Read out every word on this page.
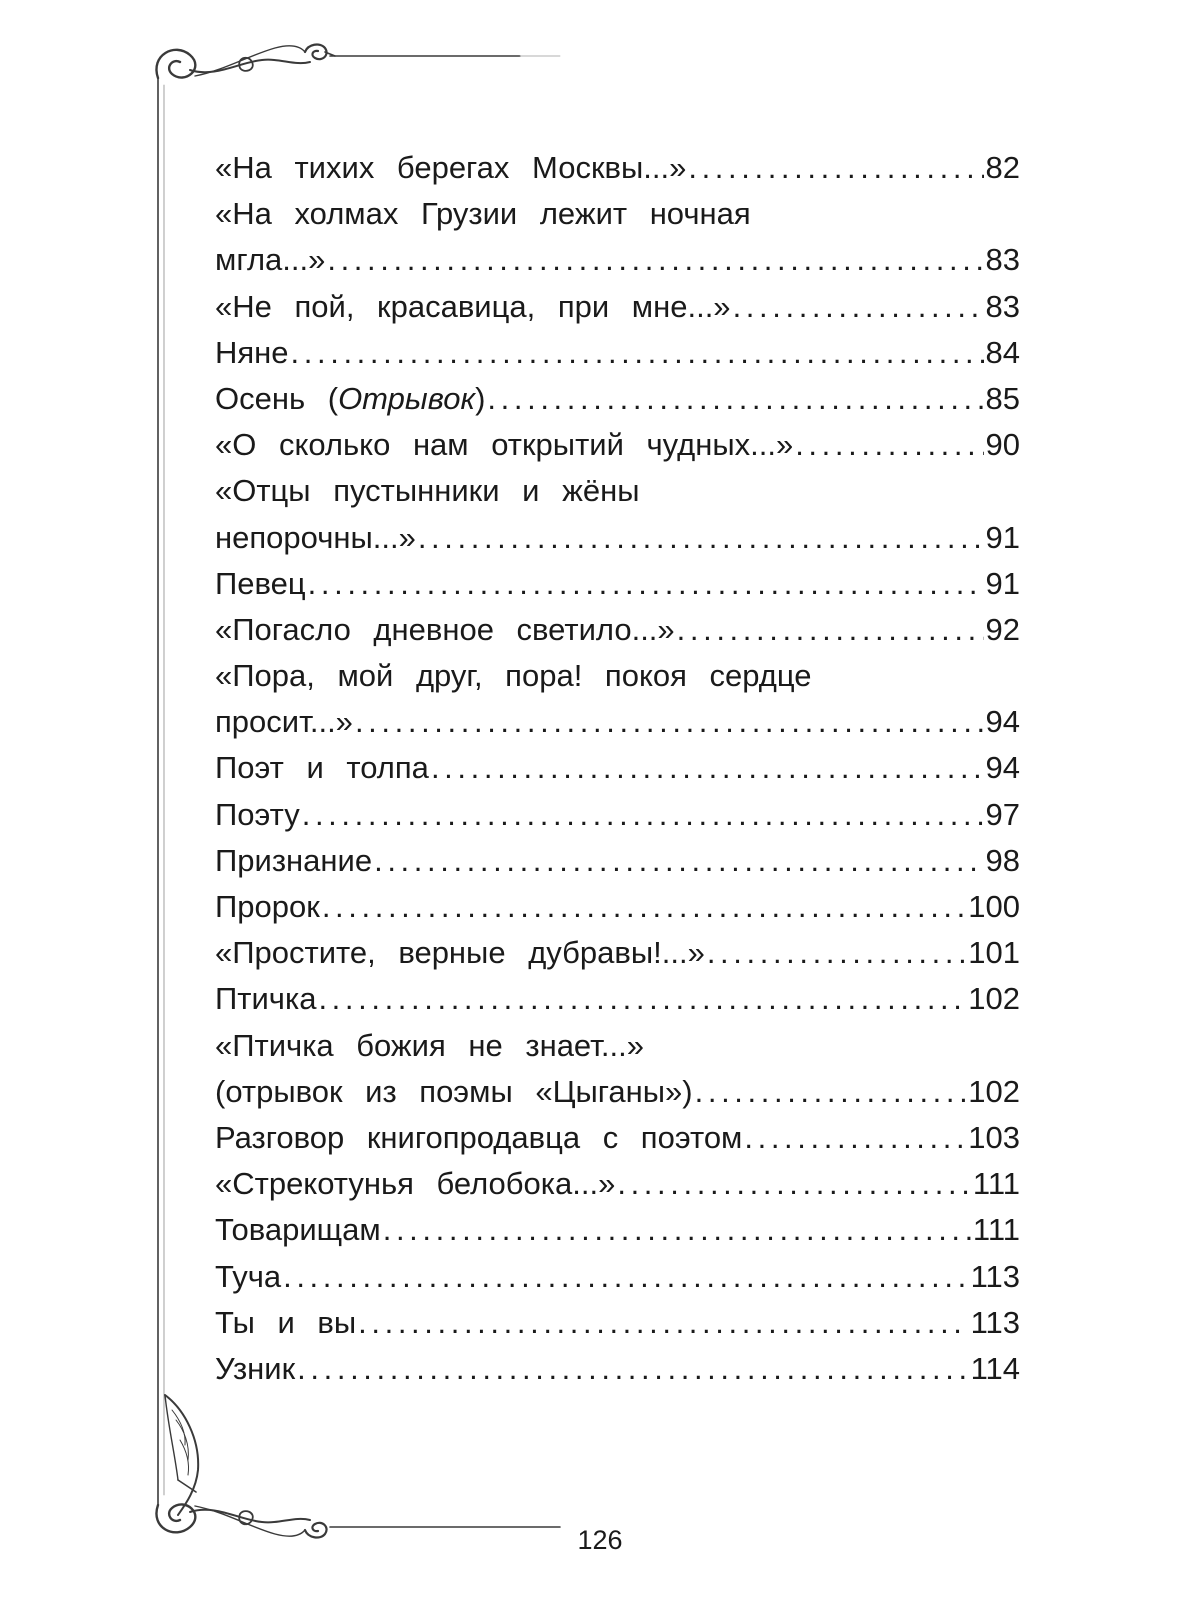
«На тихих берегах Москвы...» . . .	82
«На холмах Грузии лежит ночная
мгла...» . . .	83
«Не пой, красавица, при мне...» . . .	83
Няне . . .	84
Осень (Отрывок) . . .	85
«О сколько нам открытий чудных...» . . .	90
«Отцы пустынники и жёны
непорочны...» . . .	91
Певец . . .	91
«Погасло дневное светило...» . . .	92
«Пора, мой друг, пора! покоя сердце
просит...» . . .	94
Поэт и толпа . . .	94
Поэту . . .	97
Признание . . .	98
Пророк . . .	100
«Простите, верные дубравы!...» . . .	101
Птичка . . .	102
«Птичка божия не знает...»
(отрывок из поэмы «Цыганы») . . .	102
Разговор книгопродавца с поэтом . . .	103
«Стрекотунья белобока...» . . .	111
Товарищам . . .	111
Туча . . .	113
Ты и вы . . .	113
Узник . . .	114
126
